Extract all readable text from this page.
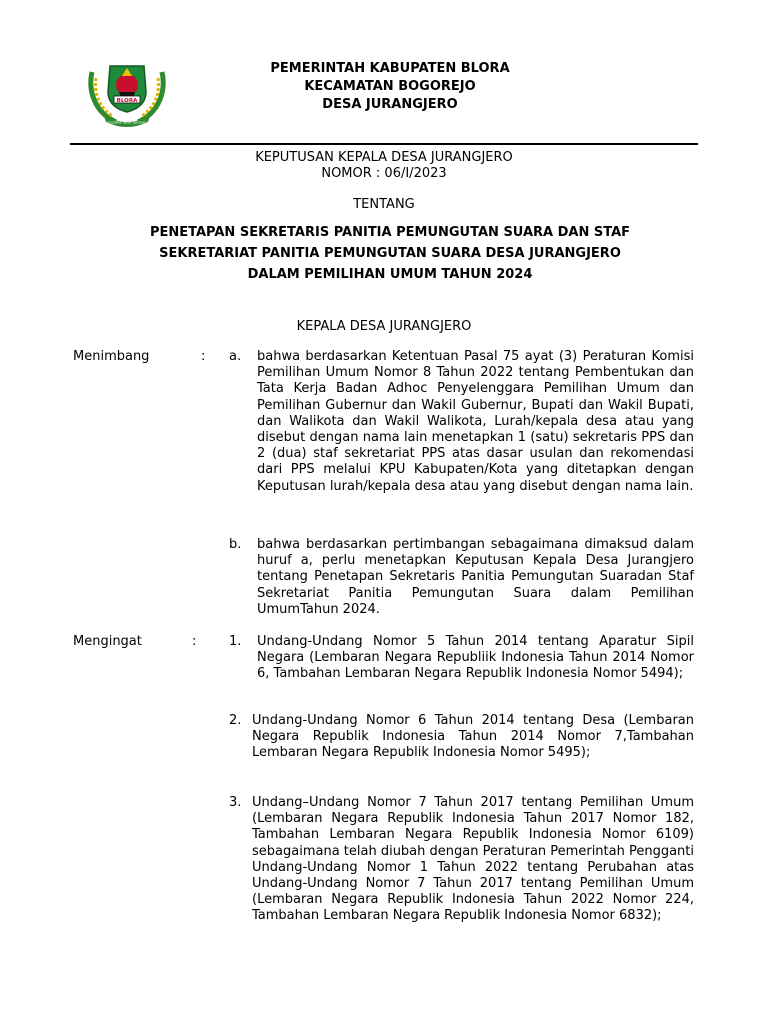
BLORA
mustika desa bertuah
PEMERINTAH KABUPATEN BLORA
KECAMATAN BOGOREJO
DESA JURANGJERO
KEPUTUSAN KEPALA DESA JURANGJERO
NOMOR : 06/I/2023
TENTANG
PENETAPAN SEKRETARIS PANITIA PEMUNGUTAN SUARA DAN STAF
SEKRETARIAT PANITIA PEMUNGUTAN SUARA DESA JURANGJERO
DALAM PEMILIHAN UMUM TAHUN 2024
KEPALA DESA JURANGJERO
Menimbang	: a. bahwa berdasarkan Ketentuan Pasal 75 ayat (3) Peraturan Komisi Pemilihan Umum Nomor 8 Tahun 2022 tentang Pembentukan dan Tata Kerja Badan Adhoc Penyelenggara Pemilihan Umum dan Pemilihan Gubernur dan Wakil Gubernur, Bupati dan Wakil Bupati, dan Walikota dan Wakil Walikota, Lurah/kepala desa atau yang disebut dengan nama lain menetapkan 1 (satu) sekretaris PPS dan 2 (dua) staf sekretariat PPS atas dasar usulan dan rekomendasi dari PPS melalui KPU Kabupaten/Kota yang ditetapkan dengan Keputusan lurah/kepala desa atau yang disebut dengan nama lain.
b. bahwa berdasarkan pertimbangan sebagaimana dimaksud dalam huruf a, perlu menetapkan Keputusan Kepala Desa Jurangjero tentang Penetapan Sekretaris Panitia Pemungutan Suaradan Staf Sekretariat Panitia Pemungutan Suara dalam Pemilihan UmumTahun 2024.
Mengingat	:	1. Undang-Undang Nomor 5 Tahun 2014 tentang Aparatur Sipil Negara (Lembaran Negara Republiik Indonesia Tahun 2014 Nomor 6, Tambahan Lembaran Negara Republik Indonesia Nomor 5494);
2. Undang-Undang Nomor 6 Tahun 2014 tentang Desa (Lembaran Negara Republik Indonesia Tahun 2014 Nomor 7,Tambahan Lembaran Negara Republik Indonesia Nomor 5495);
3. Undang–Undang Nomor 7 Tahun 2017 tentang Pemilihan Umum (Lembaran Negara Republik Indonesia Tahun 2017 Nomor 182, Tambahan Lembaran Negara Republik Indonesia Nomor 6109) sebagaimana telah diubah dengan Peraturan Pemerintah Pengganti Undang-Undang Nomor 1 Tahun 2022 tentang Perubahan atas Undang-Undang Nomor 7 Tahun 2017 tentang Pemilihan Umum (Lembaran Negara Republik Indonesia Tahun 2022 Nomor 224, Tambahan Lembaran Negara Republik Indonesia Nomor 6832);
